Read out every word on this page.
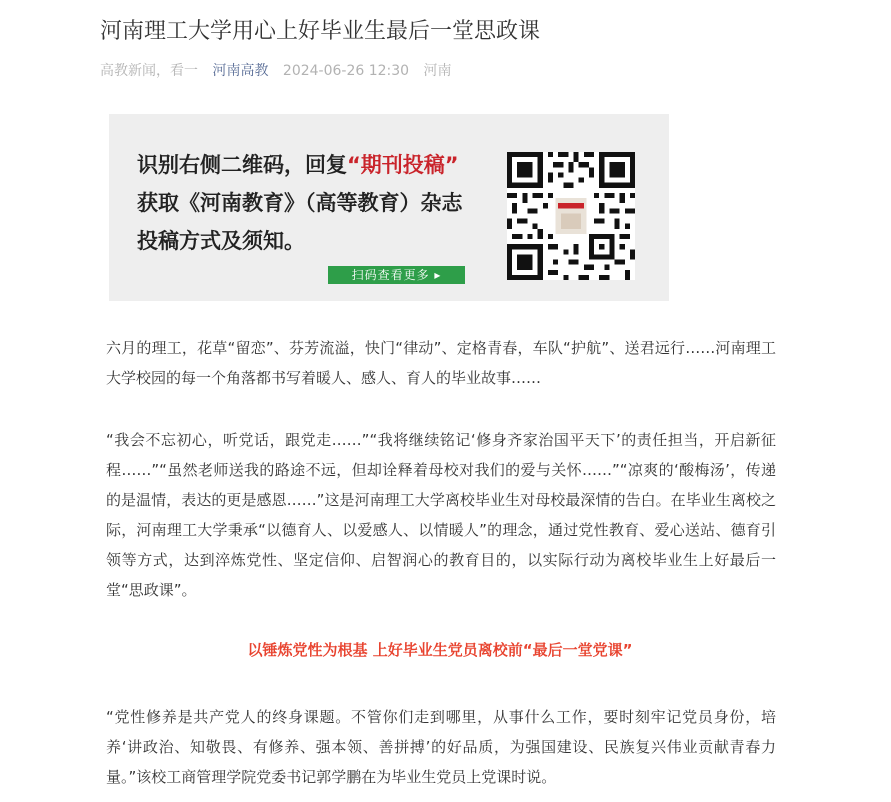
河南理工大学用心上好毕业生最后一堂思政课
高教新闻，看一 河南高教 2024-06-26 12:30 河南
识别右侧二维码，回复“期刊投稿”
获取《河南教育》（高等教育）杂志
投稿方式及须知。
扫码查看更多 ▸
六月的理工，花草“留恋”、芬芳流溢，快门“律动”、定格青春，车队“护航”、送君远行……河南理工大学校园的每一个角落都书写着暖人、感人、育人的毕业故事……
“我会不忘初心，听党话，跟党走……”“我将继续铭记‘修身齐家治国平天下’的责任担当，开启新征程……”“虽然老师送我的路途不远，但却诠释着母校对我们的爱与关怀……”“凉爽的‘酸梅汤’，传递的是温情，表达的更是感恩……”这是河南理工大学离校毕业生对母校最深情的告白。在毕业生离校之际，河南理工大学秉承“以德育人、以爱感人、以情暖人”的理念，通过党性教育、爱心送站、德育引领等方式，达到淬炼党性、坚定信仰、启智润心的教育目的，以实际行动为离校毕业生上好最后一堂“思政课”。
以锤炼党性为根基 上好毕业生党员离校前“最后一堂党课”
“党性修养是共产党人的终身课题。不管你们走到哪里，从事什么工作，要时刻牢记党员身份，培养‘讲政治、知敬畏、有修养、强本领、善拼搏’的好品质，为强国建设、民族复兴伟业贡献青春力量。”该校工商管理学院党委书记郭学鹏在为毕业生党员上党课时说。
